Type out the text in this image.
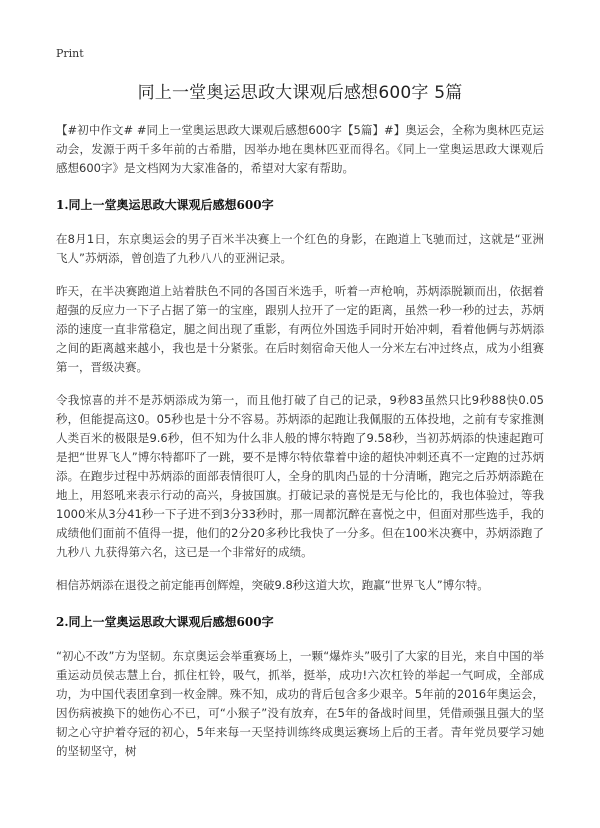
Print

同上一堂奥运思政大课观后感想600字 5篇

【#初中作文# #同上一堂奥运思政大课观后感想600字【5篇】#】奥运会，全称为奥林匹克运动会，发源于两千多年前的古希腊，因举办地在奥林匹亚而得名。《同上一堂奥运思政大课观后感想600字》是文档网为大家准备的，希望对大家有帮助。

1.同上一堂奥运思政大课观后感想600字

在8月1日，东京奥运会的男子百米半决赛上一个红色的身影，在跑道上飞驰而过，这就是“亚洲飞人”苏炳添，曾创造了九秒八八的亚洲记录。

昨天，在半决赛跑道上站着肤色不同的各国百米选手，听着一声枪响，苏炳添脱颖而出，依据着超强的反应力一下子占据了第一的宝座，跟别人拉开了一定的距离，虽然一秒一秒的过去，苏炳添的速度一直非常稳定，腿之间出现了重影，有两位外国选手同时开始冲刺，看着他俩与苏炳添之间的距离越来越小，我也是十分紧张。在后时刻宿命天他人一分米左右冲过终点，成为小组赛第一，晋级决赛。

令我惊喜的并不是苏炳添成为第一，而且他打破了自己的记录，9秒83虽然只比9秒88快0.05秒，但能提高这0。05秒也是十分不容易。苏炳添的起跑让我佩服的五体投地，之前有专家推测人类百米的极限是9.6秒，但不知为什么非人般的博尔特跑了9.58秒，当初苏炳添的快速起跑可是把“世界飞人”博尔特都吓了一跳，要不是博尔特依靠着中途的超快冲刺还真不一定跑的过苏炳添。在跑步过程中苏炳添的面部表情很叮人，全身的肌肉凸显的十分清晰，跑完之后苏炳添跪在地上，用怒吼来表示行动的高兴，身披国旗。打破记录的喜悦是无与伦比的，我也体验过，等我1000米从3分41秒一下子进不到3分33秒时，那一周都沉醉在喜悦之中，但面对那些选手，我的成绩他们面前不值得一提，他们的2分20多秒比我快了一分多。但在100米决赛中，苏炳添跑了九秒八 九获得第六名，这已是一个非常好的成绩。

相信苏炳添在退役之前定能再创辉煌，突破9.8秒这道大坎，跑赢“世界飞人”博尔特。

2.同上一堂奥运思政大课观后感想600字

“初心不改”方为坚韧。东京奥运会举重赛场上，一颗“爆炸头”吸引了大家的目光，来自中国的举重运动员侯志慧上台，抓住杠铃，吸气，抓举，挺举，成功!六次杠铃的举起一气呵成，全部成功，为中国代表团拿到一枚金牌。殊不知，成功的背后包含多少艰辛。5年前的2016年奥运会，因伤病被换下的她伤心不已，可“小猴子”没有放弃，在5年的备战时间里，凭借顽强且强大的坚韧之心守护着夺冠的初心，5年来每一天坚持训练终成奥运赛场上后的王者。青年党员要学习她的坚韧坚守，树
